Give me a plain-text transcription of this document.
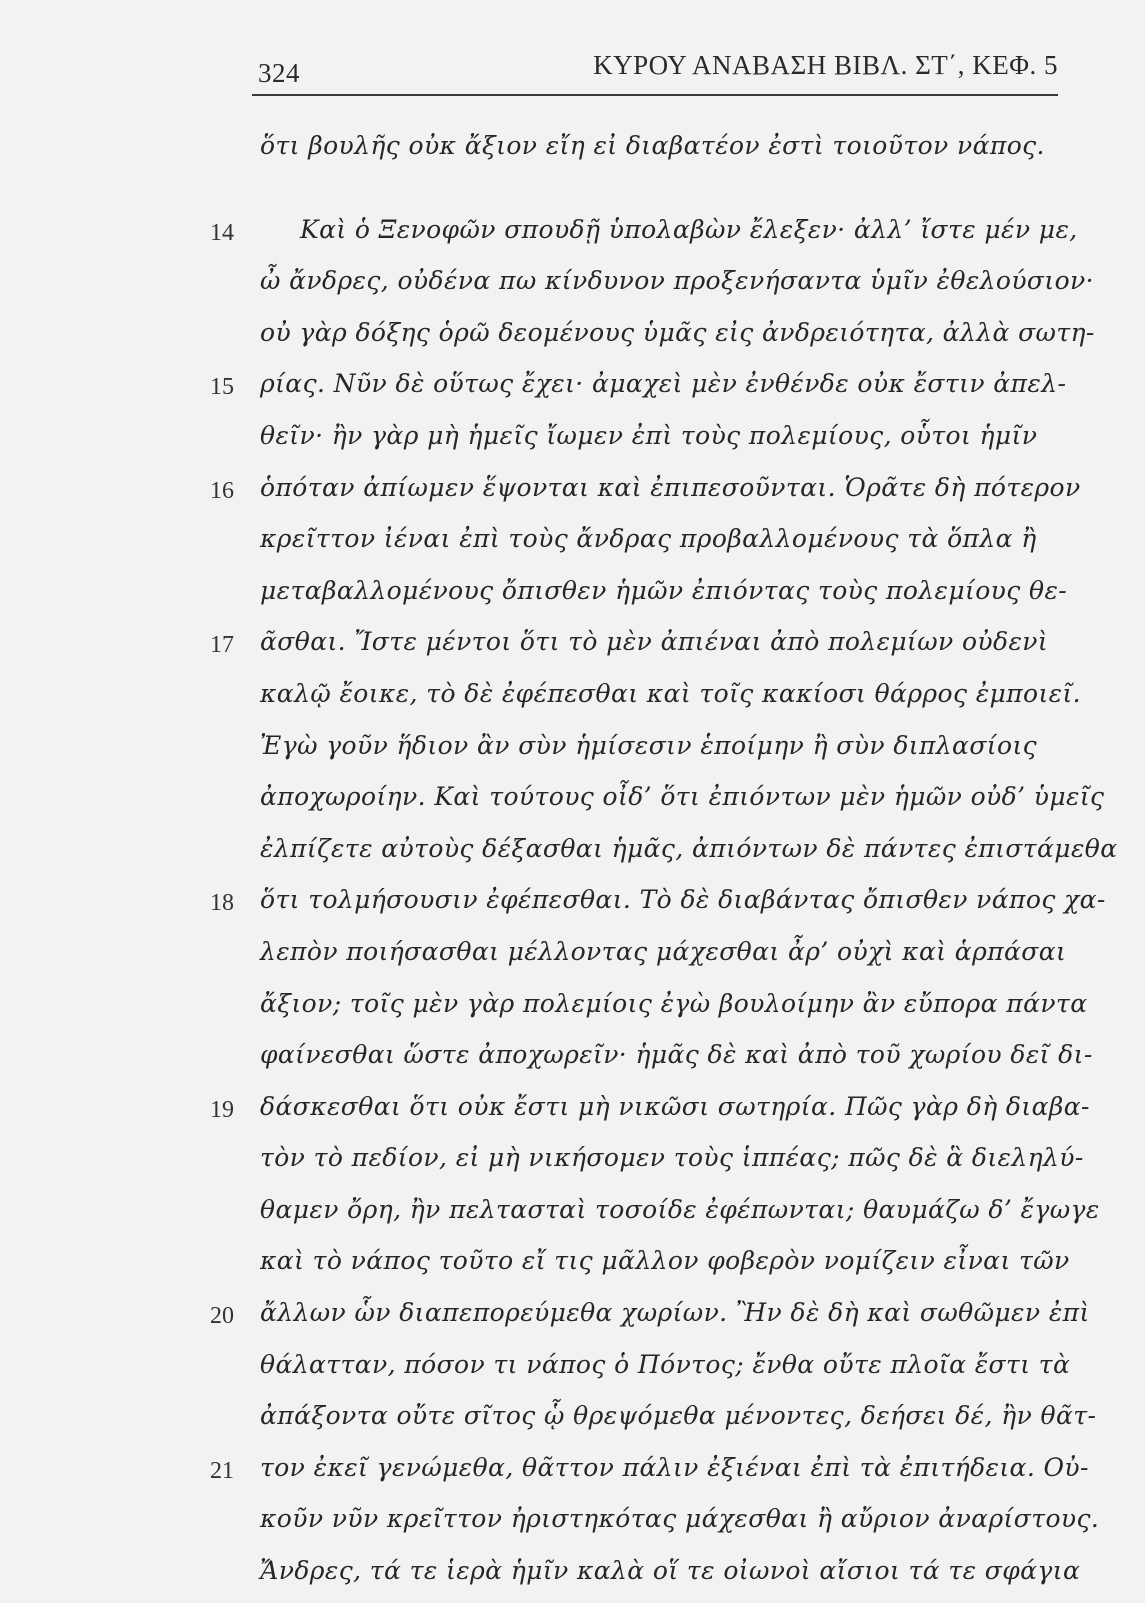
324	ΚΥΡΟΥ ΑΝΑΒΑΣΗ ΒΙΒΛ. ΣΤ΄, ΚΕΦ. 5
ὅτι βουλῆς οὐκ ἄξιον εἴη εἰ διαβατέον ἐστὶ τοιοῦτον νάπος.
14	Καὶ ὁ Ξενοφῶν σπουδῇ ὑπολαβὼν ἔλεξεν· ἀλλ’ ἴστε μέν με,
ὦ ἄνδρες, οὐδένα πω κίνδυνον προξενήσαντα ὑμῖν ἐθελούσιον·
οὐ γὰρ δόξης ὁρῶ δεομένους ὑμᾶς εἰς ἀνδρειότητα, ἀλλὰ σωτη-
15	ρίας. Νῦν δὲ οὕτως ἔχει· ἀμαχεὶ μὲν ἐνθένδε οὐκ ἔστιν ἀπελ-
θεῖν· ἢν γὰρ μὴ ἡμεῖς ἴωμεν ἐπὶ τοὺς πολεμίους, οὗτοι ἡμῖν
16	ὁπόταν ἀπίωμεν ἕψονται καὶ ἐπιπεσοῦνται. Ὁρᾶτε δὴ πότερον
κρεῖττον ἰέναι ἐπὶ τοὺς ἄνδρας προβαλλομένους τὰ ὅπλα ἢ
μεταβαλλομένους ὄπισθεν ἡμῶν ἐπιόντας τοὺς πολεμίους θε-
17	ᾶσθαι. Ἴστε μέντοι ὅτι τὸ μὲν ἀπιέναι ἀπὸ πολεμίων οὐδενὶ
καλῷ ἔοικε, τὸ δὲ ἐφέπεσθαι καὶ τοῖς κακίοσι θάρρος ἐμποιεῖ.
Ἐγὼ γοῦν ἥδιον ἂν σὺν ἡμίσεσιν ἑποίμην ἢ σὺν διπλασίοις
ἀποχωροίην. Καὶ τούτους οἶδ’ ὅτι ἐπιόντων μὲν ἡμῶν οὐδ’ ὑμεῖς
ἐλπίζετε αὐτοὺς δέξασθαι ἡμᾶς, ἀπιόντων δὲ πάντες ἐπιστάμεθα
18	ὅτι τολμήσουσιν ἐφέπεσθαι. Τὸ δὲ διαβάντας ὄπισθεν νάπος χα-
λεπὸν ποιήσασθαι μέλλοντας μάχεσθαι ἆρ’ οὐχὶ καὶ ἁρπάσαι
ἄξιον; τοῖς μὲν γὰρ πολεμίοις ἐγὼ βουλοίμην ἂν εὔπορα πάντα
φαίνεσθαι ὥστε ἀποχωρεῖν· ἡμᾶς δὲ καὶ ἀπὸ τοῦ χωρίου δεῖ δι-
19	δάσκεσθαι ὅτι οὐκ ἔστι μὴ νικῶσι σωτηρία. Πῶς γὰρ δὴ διαβα-
τὸν τὸ πεδίον, εἰ μὴ νικήσομεν τοὺς ἱππέας; πῶς δὲ ἃ διεληλύ-
θαμεν ὄρη, ἢν πελτασταὶ τοσοίδε ἐφέπωνται; θαυμάζω δ’ ἔγωγε
καὶ τὸ νάπος τοῦτο εἴ τις μᾶλλον φοβερὸν νομίζειν εἶναι τῶν
20	ἄλλων ὧν διαπεπορεύμεθα χωρίων. Ἢν δὲ δὴ καὶ σωθῶμεν ἐπὶ
θάλατταν, πόσον τι νάπος ὁ Πόντος; ἔνθα οὔτε πλοῖα ἔστι τὰ
ἀπάξοντα οὔτε σῖτος ᾧ θρεψόμεθα μένοντες, δεήσει δέ, ἢν θᾶτ-
21	τον ἐκεῖ γενώμεθα, θᾶττον πάλιν ἐξιέναι ἐπὶ τὰ ἐπιτήδεια. Οὐ-
κοῦν νῦν κρεῖττον ἠριστηκότας μάχεσθαι ἢ αὔριον ἀναρίστους.
Ἄνδρες, τά τε ἱερὰ ἡμῖν καλὰ οἵ τε οἰωνοὶ αἴσιοι τά τε σφάγια
